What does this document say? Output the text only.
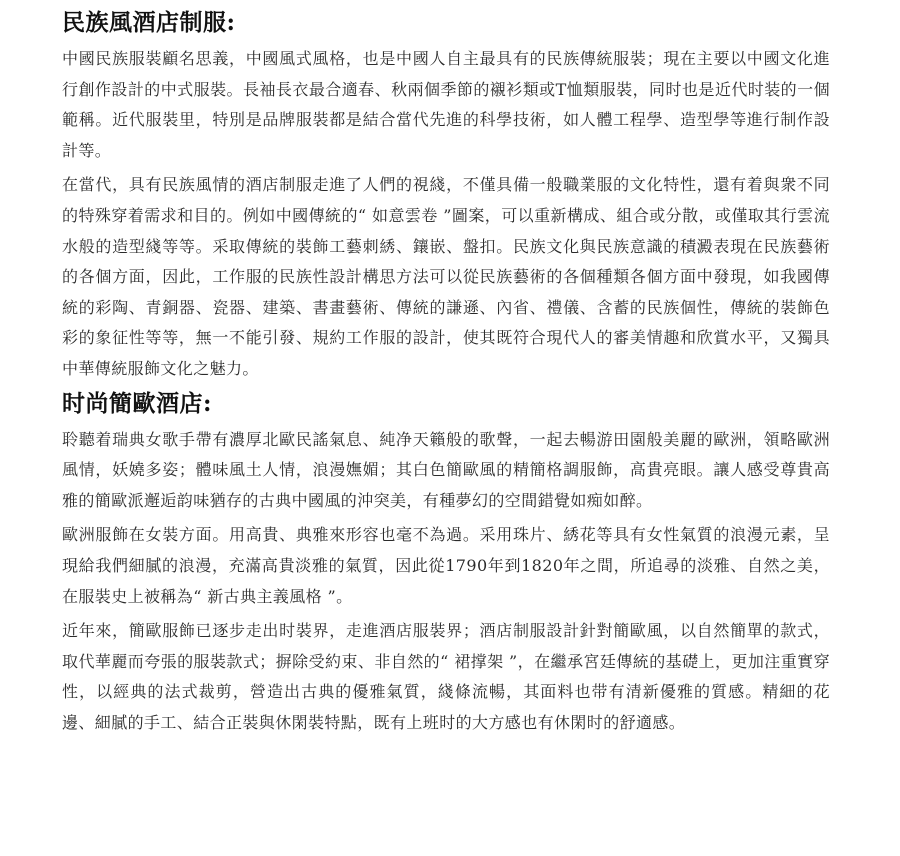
民族風酒店制服:

中國民族服裝顧名思義，中國風式風格，也是中國人自主最具有的民族傳統服裝；現在主要以中國文化進行創作設計的中式服裝。長袖長衣最合適春、秋兩個季節的襯衫類或T恤類服裝，同时也是近代时装的一個範稱。近代服裝里，特別是品牌服裝都是結合當代先進的科學技術，如人體工程學、造型學等進行制作設計等。

在當代，具有民族風情的酒店制服走進了人們的視綫，不僅具備一般職業服的文化特性，還有着與衆不同的特殊穿着需求和目的。例如中國傳統的“ 如意雲卷 ”圖案，可以重新構成、組合或分散，或僅取其行雲流水般的造型綫等等。采取傳統的裝飾工藝刺綉、鑲嵌、盤扣。民族文化與民族意識的積澱表現在民族藝術的各個方面，因此，工作服的民族性設計構思方法可以從民族藝術的各個種類各個方面中發現，如我國傳統的彩陶、青銅器、瓷器、建築、書畫藝術、傳統的謙遜、內省、禮儀、含蓄的民族個性，傳統的裝飾色彩的象征性等等，無一不能引發、規約工作服的設計，使其既符合現代人的審美情趣和欣賞水平，又獨具中華傳統服飾文化之魅力。

时尚簡歐酒店:

聆聽着瑞典女歌手帶有濃厚北歐民謠氣息、純净天籟般的歌聲，一起去暢游田園般美麗的歐洲，領略歐洲風情，妖嬈多姿；體味風土人情，浪漫嫵媚；其白色簡歐風的精簡格調服飾，高貴亮眼。讓人感受尊貴高雅的簡歐派邂逅韵味猶存的古典中國風的沖突美，有種夢幻的空間錯覺如痴如醉。

歐洲服飾在女裝方面。用高貴、典雅來形容也毫不為過。采用珠片、綉花等具有女性氣質的浪漫元素，呈現給我們細膩的浪漫，充滿高貴淡雅的氣質，因此從1790年到1820年之間，所追尋的淡雅、自然之美，在服裝史上被稱為“ 新古典主義風格 ”。

近年來，簡歐服飾已逐步走出时裝界，走進酒店服裝界；酒店制服設計針對簡歐風，以自然簡單的款式，取代華麗而夸張的服裝款式；摒除受約束、非自然的“ 裙撑架 ”，在繼承宮廷傳統的基礎上，更加注重實穿性，以經典的法式裁剪，營造出古典的優雅氣質，綫條流暢，其面料也带有清新優雅的質感。精細的花邊、細膩的手工、結合正裝與休閑裝特點，既有上班时的大方感也有休閑时的舒適感。
